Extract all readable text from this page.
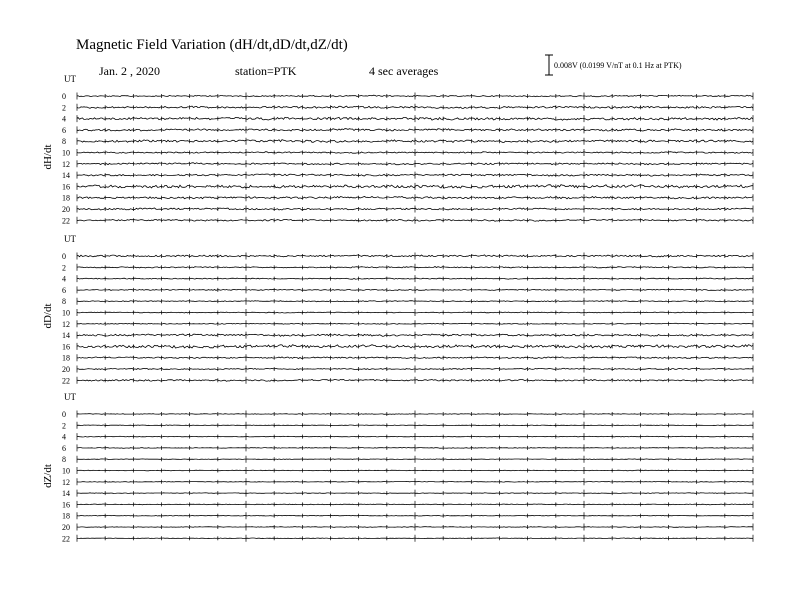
Magnetic Field Variation (dH/dt,dD/dt,dZ/dt)
Jan. 2 , 2020	station=PTK	4 sec averages	0.008V (0.0199 V/nT at 0.1 Hz at PTK)
UT
dH/dt
0
2
4
6
8
10
12
14
16
18
20
22
UT
dD/dt
0
2
4
6
8
10
12
14
16
18
20
22
UT
dZ/dt
0
2
4
6
8
10
12
14
16
18
20
22
